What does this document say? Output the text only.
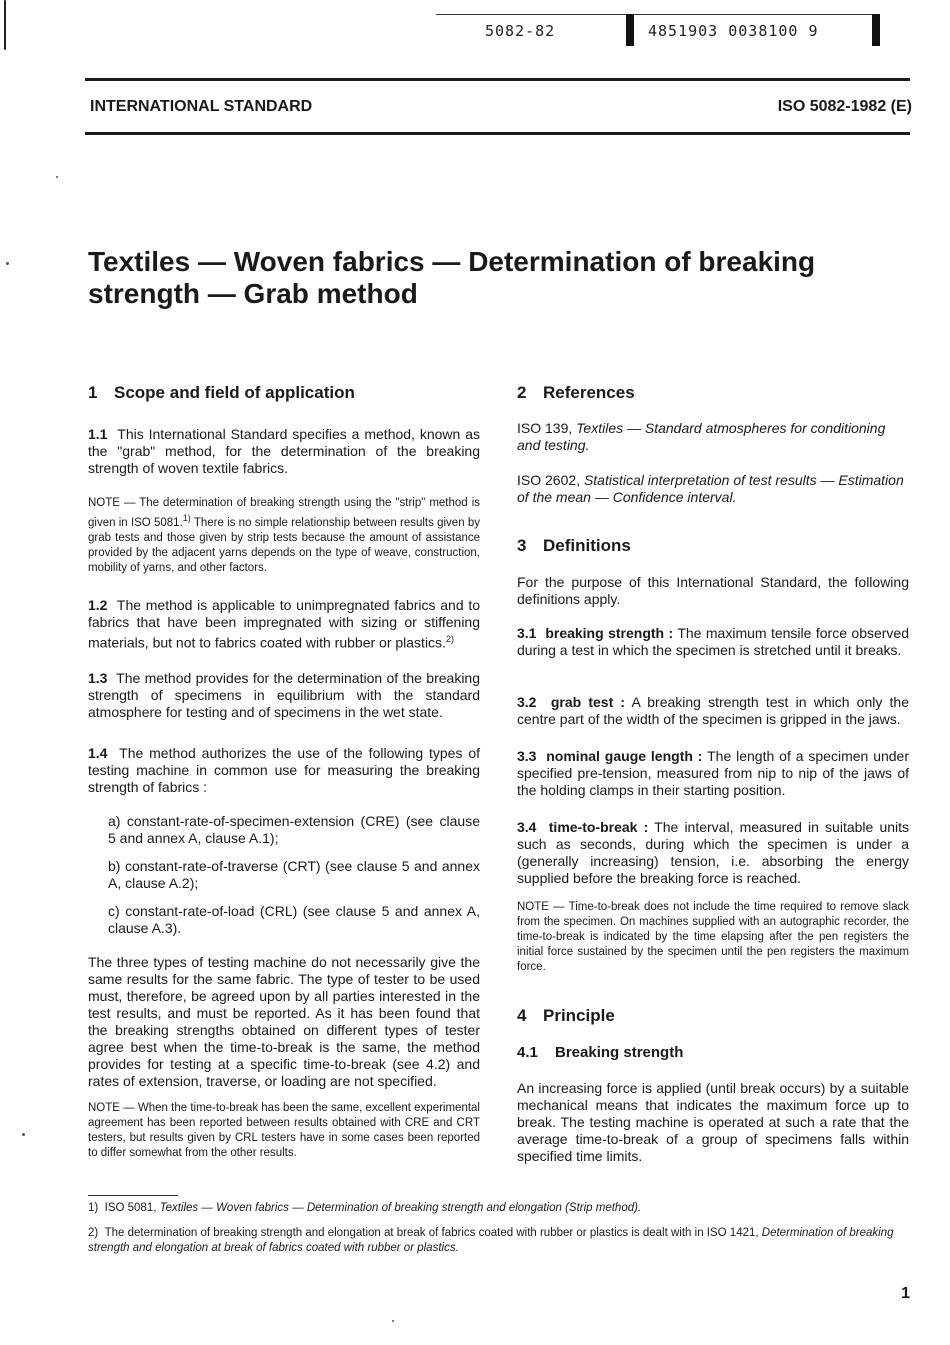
5082-82	4851903 0038100 9
INTERNATIONAL STANDARD	ISO 5082-1982 (E)
Textiles — Woven fabrics — Determination of breaking
strength — Grab method
1 Scope and field of application
1.1 This International Standard specifies a method, known as the "grab" method, for the determination of the breaking strength of woven textile fabrics.
NOTE — The determination of breaking strength using the "strip" method is given in ISO 5081.$^{1)}$ There is no simple relationship between results given by grab tests and those given by strip tests because the amount of assistance provided by the adjacent yarns depends on the type of weave, construction, mobility of yarns, and other factors.
1.2 The method is applicable to unimpregnated fabrics and to fabrics that have been impregnated with sizing or stiffening materials, but not to fabrics coated with rubber or plastics.$^{2)}$
1.3 The method provides for the determination of the breaking strength of specimens in equilibrium with the standard atmosphere for testing and of specimens in the wet state.
1.4 The method authorizes the use of the following types of testing machine in common use for measuring the breaking strength of fabrics :
a) constant-rate-of-specimen-extension (CRE) (see clause 5 and annex A, clause A.1);
b) constant-rate-of-traverse (CRT) (see clause 5 and annex A, clause A.2);
c) constant-rate-of-load (CRL) (see clause 5 and annex A, clause A.3).
The three types of testing machine do not necessarily give the same results for the same fabric. The type of tester to be used must, therefore, be agreed upon by all parties interested in the test results, and must be reported. As it has been found that the breaking strengths obtained on different types of tester agree best when the time-to-break is the same, the method provides for testing at a specific time-to-break (see 4.2) and rates of extension, traverse, or loading are not specified.
NOTE — When the time-to-break has been the same, excellent experimental agreement has been reported between results obtained with CRE and CRT testers, but results given by CRL testers have in some cases been reported to differ somewhat from the other results.
2 References
ISO 139, Textiles — Standard atmospheres for conditioning and testing.
ISO 2602, Statistical interpretation of test results — Estimation of the mean — Confidence interval.
3 Definitions
For the purpose of this International Standard, the following definitions apply.
3.1 breaking strength : The maximum tensile force observed during a test in which the specimen is stretched until it breaks.
3.2 grab test : A breaking strength test in which only the centre part of the width of the specimen is gripped in the jaws.
3.3 nominal gauge length : The length of a specimen under specified pre-tension, measured from nip to nip of the jaws of the holding clamps in their starting position.
3.4 time-to-break : The interval, measured in suitable units such as seconds, during which the specimen is under a (generally increasing) tension, i.e. absorbing the energy supplied before the breaking force is reached.
NOTE — Time-to-break does not include the time required to remove slack from the specimen. On machines supplied with an autographic recorder, the time-to-break is indicated by the time elapsing after the pen registers the initial force sustained by the specimen until the pen registers the maximum force.
4 Principle
4.1 Breaking strength
An increasing force is applied (until break occurs) by a suitable mechanical means that indicates the maximum force up to break. The testing machine is operated at such a rate that the average time-to-break of a group of specimens falls within specified time limits.
1) ISO 5081, Textiles — Woven fabrics — Determination of breaking strength and elongation (Strip method).
2) The determination of breaking strength and elongation at break of fabrics coated with rubber or plastics is dealt with in ISO 1421, Determination of breaking strength and elongation at break of fabrics coated with rubber or plastics.
1
